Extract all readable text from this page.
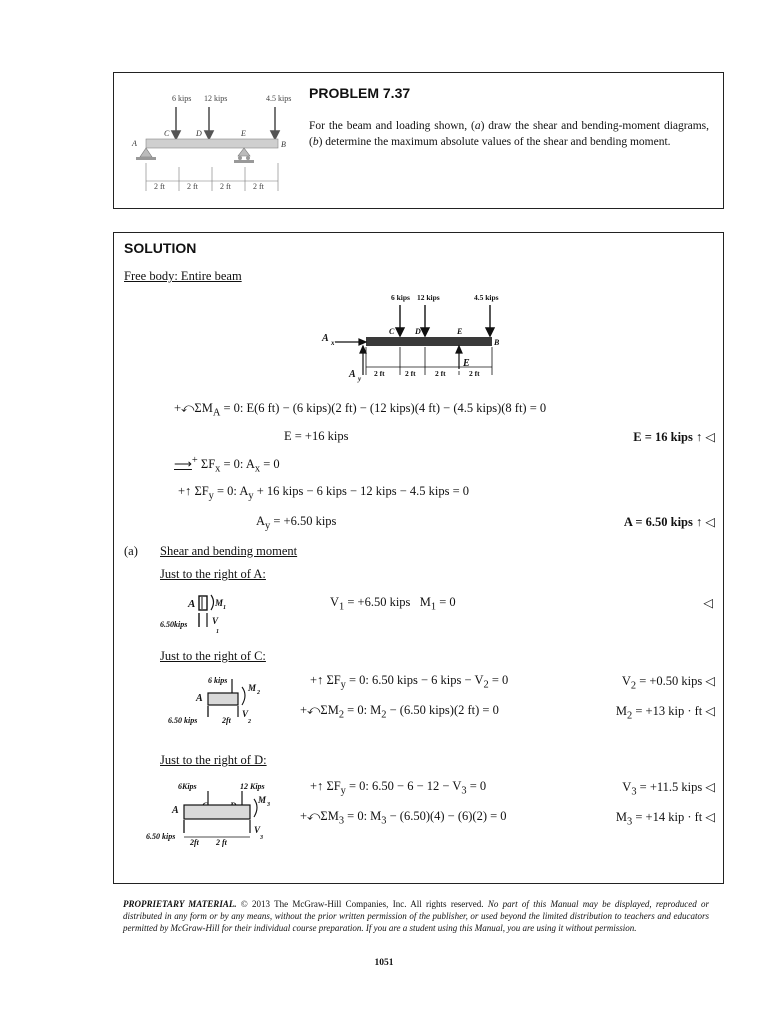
6 kips 12 kips	4.5 kips
A
C	D	E
B
2 ft	2 ft	2 ft	2 ft
PROBLEM 7.37
For the beam and loading shown, (a) draw the shear and bending-moment diagrams, (b) determine the maximum absolute values of the shear and bending moment.
SOLUTION
Free body: Entire beam
6 kips 12 kips	4.5 kips
C	D	E
B
A x
A y
E
2 ft	2 ft	2 ft	2 ft
$+⤺\Sigma M_A = 0$: E(6 ft) − (6 kips)(2 ft) − (12 kips)(4 ft) − (4.5 kips)(8 ft) = 0
E = +16 kips	E = 16 kips ↑ ◁
⟶+ $\Sigma F_x = 0$: $A_x = 0$
+↑ $\Sigma F_y = 0$: $A_y + 16$ kips − 6 kips − 12 kips − 4.5 kips = 0
$A_y = +6.50$ kips	A = 6.50 kips ↑ ◁
(a) Shear and bending moment
Just to the right of A:
A M 1
6.50kips	V
1
$V_1 = +6.50$ kips $M_1 = 0$	◁
Just to the right of C:
6 kips
A
M 2
6.50 kips	2ft
V
2
+↑ $\Sigma F_y = 0$: 6.50 kips − 6 kips − $V_2 = 0$	$V_2 = +0.50$ kips ◁
$+⤺\Sigma M_2 = 0$: $M_2 - (6.50$ kips)(2 ft) = 0	$M_2 = +13$ kip · ft ◁
Just to the right of D:
6Kips	12 Kips
A
M 3
6.50 kips
2ft 2 ft
V
3
+↑ $\Sigma F_y = 0$: $6.50 - 6 - 12 - V_3 = 0$	$V_3 = +11.5$ kips ◁
$+⤺\Sigma M_3 = 0$: $M_3 - (6.50)(4) - (6)(2) = 0$	$M_3 = +14$ kip · ft ◁
PROPRIETARY MATERIAL. © 2013 The McGraw-Hill Companies, Inc. All rights reserved. No part of this Manual may be displayed, reproduced or distributed in any form or by any means, without the prior written permission of the publisher, or used beyond the limited distribution to teachers and educators permitted by McGraw-Hill for their individual course preparation. If you are a student using this Manual, you are using it without permission.
1051
